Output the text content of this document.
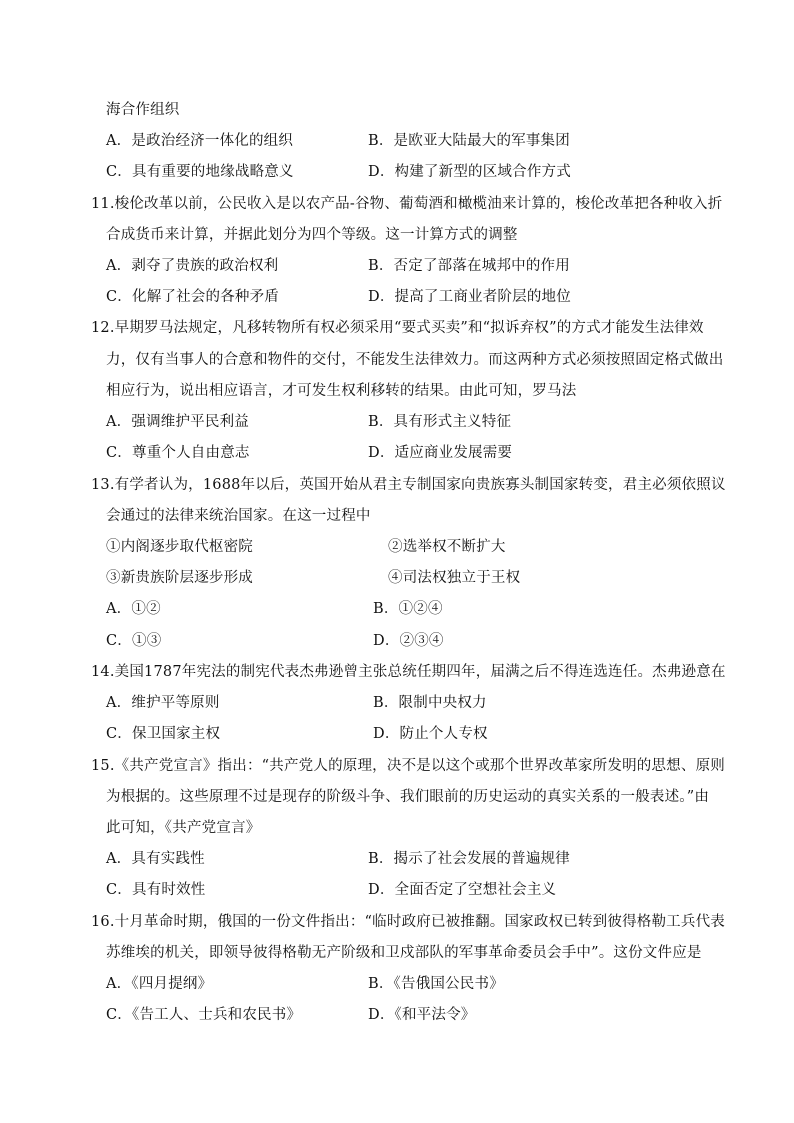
海合作组织
A．是政治经济一体化的组织	B．是欧亚大陆最大的军事集团
C．具有重要的地缘战略意义	D．构建了新型的区域合作方式
11.梭伦改革以前，公民收入是以农产品-谷物、葡萄酒和橄榄油来计算的，梭伦改革把各种收入折
合成货币来计算，并据此划分为四个等级。这一计算方式的调整
A．剥夺了贵族的政治权利	B．否定了部落在城邦中的作用
C．化解了社会的各种矛盾	D．提高了工商业者阶层的地位
12.早期罗马法规定，凡移转物所有权必须采用“要式买卖”和“拟诉弃权”的方式才能发生法律效
力，仅有当事人的合意和物件的交付，不能发生法律效力。而这两种方式必须按照固定格式做出
相应行为，说出相应语言，才可发生权利移转的结果。由此可知，罗马法
A．强调维护平民利益	B．具有形式主义特征
C．尊重个人自由意志	D．适应商业发展需要
13.有学者认为，1688年以后，英国开始从君主专制国家向贵族寡头制国家转变，君主必须依照议
会通过的法律来统治国家。在这一过程中
①内阁逐步取代枢密院	②选举权不断扩大
③新贵族阶层逐步形成	④司法权独立于王权
A．①②	B．①②④
C．①③	D．②③④
14.美国1787年宪法的制宪代表杰弗逊曾主张总统任期四年，届满之后不得连选连任。杰弗逊意在
A．维护平等原则	B．限制中央权力
C．保卫国家主权	D．防止个人专权
15.《共产党宣言》指出：“共产党人的原理，决不是以这个或那个世界改革家所发明的思想、原则
为根据的。这些原理不过是现存的阶级斗争、我们眼前的历史运动的真实关系的一般表述。”由
此可知，《共产党宣言》
A．具有实践性	B．揭示了社会发展的普遍规律
C．具有时效性	D．全面否定了空想社会主义
16.十月革命时期，俄国的一份文件指出：“临时政府已被推翻。国家政权已转到彼得格勒工兵代表
苏维埃的机关，即领导彼得格勒无产阶级和卫戍部队的军事革命委员会手中”。这份文件应是
A．《四月提纲》	B．《告俄国公民书》
C．《告工人、士兵和农民书》	D．《和平法令》
